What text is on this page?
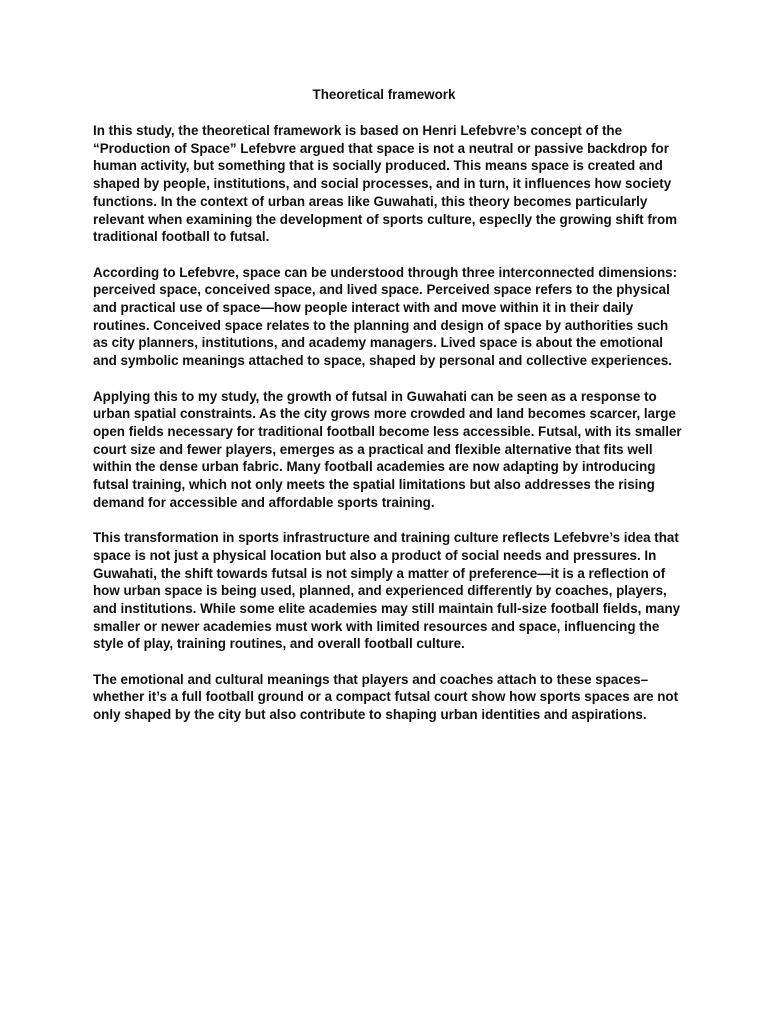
Theoretical framework

In this study, the theoretical framework is based on Henri Lefebvre’s concept of the “Production of Space” Lefebvre argued that space is not a neutral or passive backdrop for human activity, but something that is socially produced. This means space is created and shaped by people, institutions, and social processes, and in turn, it influences how society functions. In the context of urban areas like Guwahati, this theory becomes particularly relevant when examining the development of sports culture, especlly the growing shift from traditional football to futsal.

According to Lefebvre, space can be understood through three interconnected dimensions: perceived space, conceived space, and lived space. Perceived space refers to the physical and practical use of space—how people interact with and move within it in their daily routines. Conceived space relates to the planning and design of space by authorities such as city planners, institutions, and academy managers. Lived space is about the emotional and symbolic meanings attached to space, shaped by personal and collective experiences.

Applying this to my study, the growth of futsal in Guwahati can be seen as a response to urban spatial constraints. As the city grows more crowded and land becomes scarcer, large open fields necessary for traditional football become less accessible. Futsal, with its smaller court size and fewer players, emerges as a practical and flexible alternative that fits well within the dense urban fabric. Many football academies are now adapting by introducing futsal training, which not only meets the spatial limitations but also addresses the rising demand for accessible and affordable sports training.

This transformation in sports infrastructure and training culture reflects Lefebvre’s idea that space is not just a physical location but also a product of social needs and pressures. In Guwahati, the shift towards futsal is not simply a matter of preference—it is a reflection of how urban space is being used, planned, and experienced differently by coaches, players, and institutions. While some elite academies may still maintain full-size football fields, many smaller or newer academies must work with limited resources and space, influencing the style of play, training routines, and overall football culture.

The emotional and cultural meanings that players and coaches attach to these spaces–whether it’s a full football ground or a compact futsal court show how sports spaces are not only shaped by the city but also contribute to shaping urban identities and aspirations.
